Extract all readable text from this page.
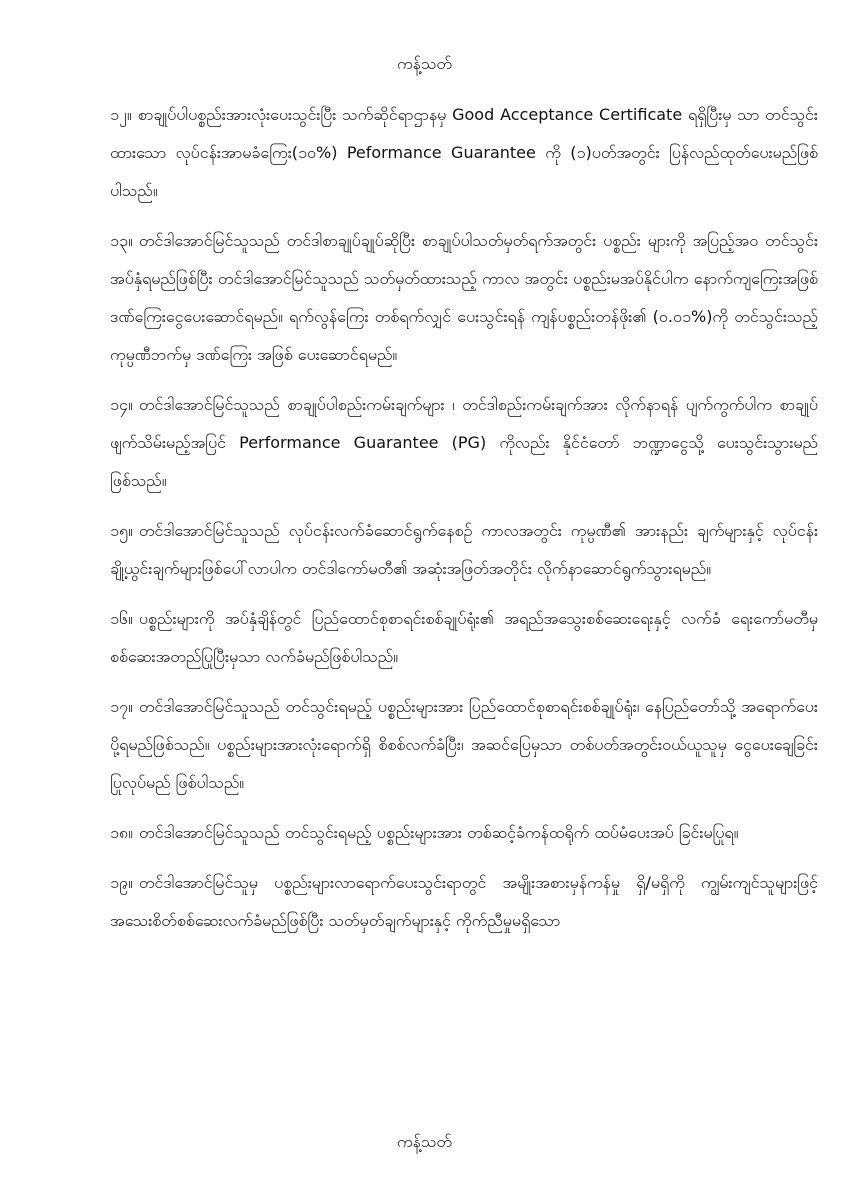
ကန့်သတ်

၁၂။ စာချုပ်ပါပစ္စည်းအားလုံးပေးသွင်းပြီး သက်ဆိုင်ရာဌာနမှ Good Acceptance Certificate ရရှိပြီးမှ သာ တင်သွင်းထားသော လုပ်ငန်းအာမခံကြေး(၁၀%) Peformance Guarantee ကို (၁)ပတ်အတွင်း ပြန်လည်ထုတ်ပေးမည်ဖြစ်ပါသည်။

၁၃။ တင်ဒါအောင်မြင်သူသည် တင်ဒါစာချုပ်ချုပ်ဆိုပြီး စာချုပ်ပါသတ်မှတ်ရက်အတွင်း ပစ္စည်း များကို အပြည့်အဝ တင်သွင်းအပ်နှံရမည်ဖြစ်ပြီး တင်ဒါအောင်မြင်သူသည် သတ်မှတ်ထားသည့် ကာလ အတွင်း ပစ္စည်းမအပ်နိုင်ပါက နောက်ကျကြေးအဖြစ် ဒဏ်ကြေးငွေပေးဆောင်ရမည်။ ရက်လွန်ကြေး တစ်ရက်လျှင် ပေးသွင်းရန် ကျန်ပစ္စည်းတန်ဖိုး၏ (၀.၀၁%)ကို တင်သွင်းသည့် ကုမ္ပဏီဘက်မှ ဒဏ်ကြေး အဖြစ် ပေးဆောင်ရမည်။

၁၄။ တင်ဒါအောင်မြင်သူသည် စာချုပ်ပါစည်းကမ်းချက်များ ၊ တင်ဒါစည်းကမ်းချက်အား လိုက်နာရန် ပျက်ကွက်ပါက စာချုပ်ဖျက်သိမ်းမည့်အပြင် Performance Guarantee (PG) ကိုလည်း နိုင်ငံတော် ဘဏ္ဍာငွေသို့ ပေးသွင်းသွားမည်ဖြစ်သည်။

၁၅။ တင်ဒါအောင်မြင်သူသည် လုပ်ငန်းလက်ခံဆောင်ရွက်နေစဉ် ကာလအတွင်း ကုမ္ပဏီ၏ အားနည်း ချက်များနှင့် လုပ်ငန်းချို့ယွင်းချက်များဖြစ်ပေါ်လာပါက တင်ဒါကော်မတီ၏ အဆုံးအဖြတ်အတိုင်း လိုက်နာဆောင်ရွက်သွားရမည်။

၁၆။ ပစ္စည်းများကို အပ်နှံချိန်တွင် ပြည်ထောင်စုစာရင်းစစ်ချုပ်ရုံး၏ အရည်အသွေးစစ်ဆေးရေးနှင့် လက်ခံ ရေးကော်မတီမှ စစ်ဆေးအတည်ပြုပြီးမှသာ လက်ခံမည်ဖြစ်ပါသည်။

၁၇။ တင်ဒါအောင်မြင်သူသည် တင်သွင်းရမည့် ပစ္စည်းများအား ပြည်ထောင်စုစာရင်းစစ်ချုပ်ရုံး၊ နေပြည်တော်သို့ အရောက်ပေးပို့ရမည်ဖြစ်သည်။ ပစ္စည်းများအားလုံးရောက်ရှိ စိစစ်လက်ခံပြီး၊ အဆင်ပြေမှသာ တစ်ပတ်အတွင်းဝယ်ယူသူမှ ငွေပေးချေခြင်း ပြုလုပ်မည် ဖြစ်ပါသည်။

၁၈။ တင်ဒါအောင်မြင်သူသည် တင်သွင်းရမည့် ပစ္စည်းများအား တစ်ဆင့်ခံကန်ထရိုက် ထပ်မံပေးအပ် ခြင်းမပြုရ။

၁၉။ တင်ဒါအောင်မြင်သူမှ ပစ္စည်းများလာရောက်ပေးသွင်းရာတွင် အမျိုးအစားမှန်ကန်မှု ရှိ/မရှိကို ကျွမ်းကျင်သူများဖြင့် အသေးစိတ်စစ်ဆေးလက်ခံမည်ဖြစ်ပြီး သတ်မှတ်ချက်များနှင့် ကိုက်ညီမှုမရှိသော

ကန့်သတ်
